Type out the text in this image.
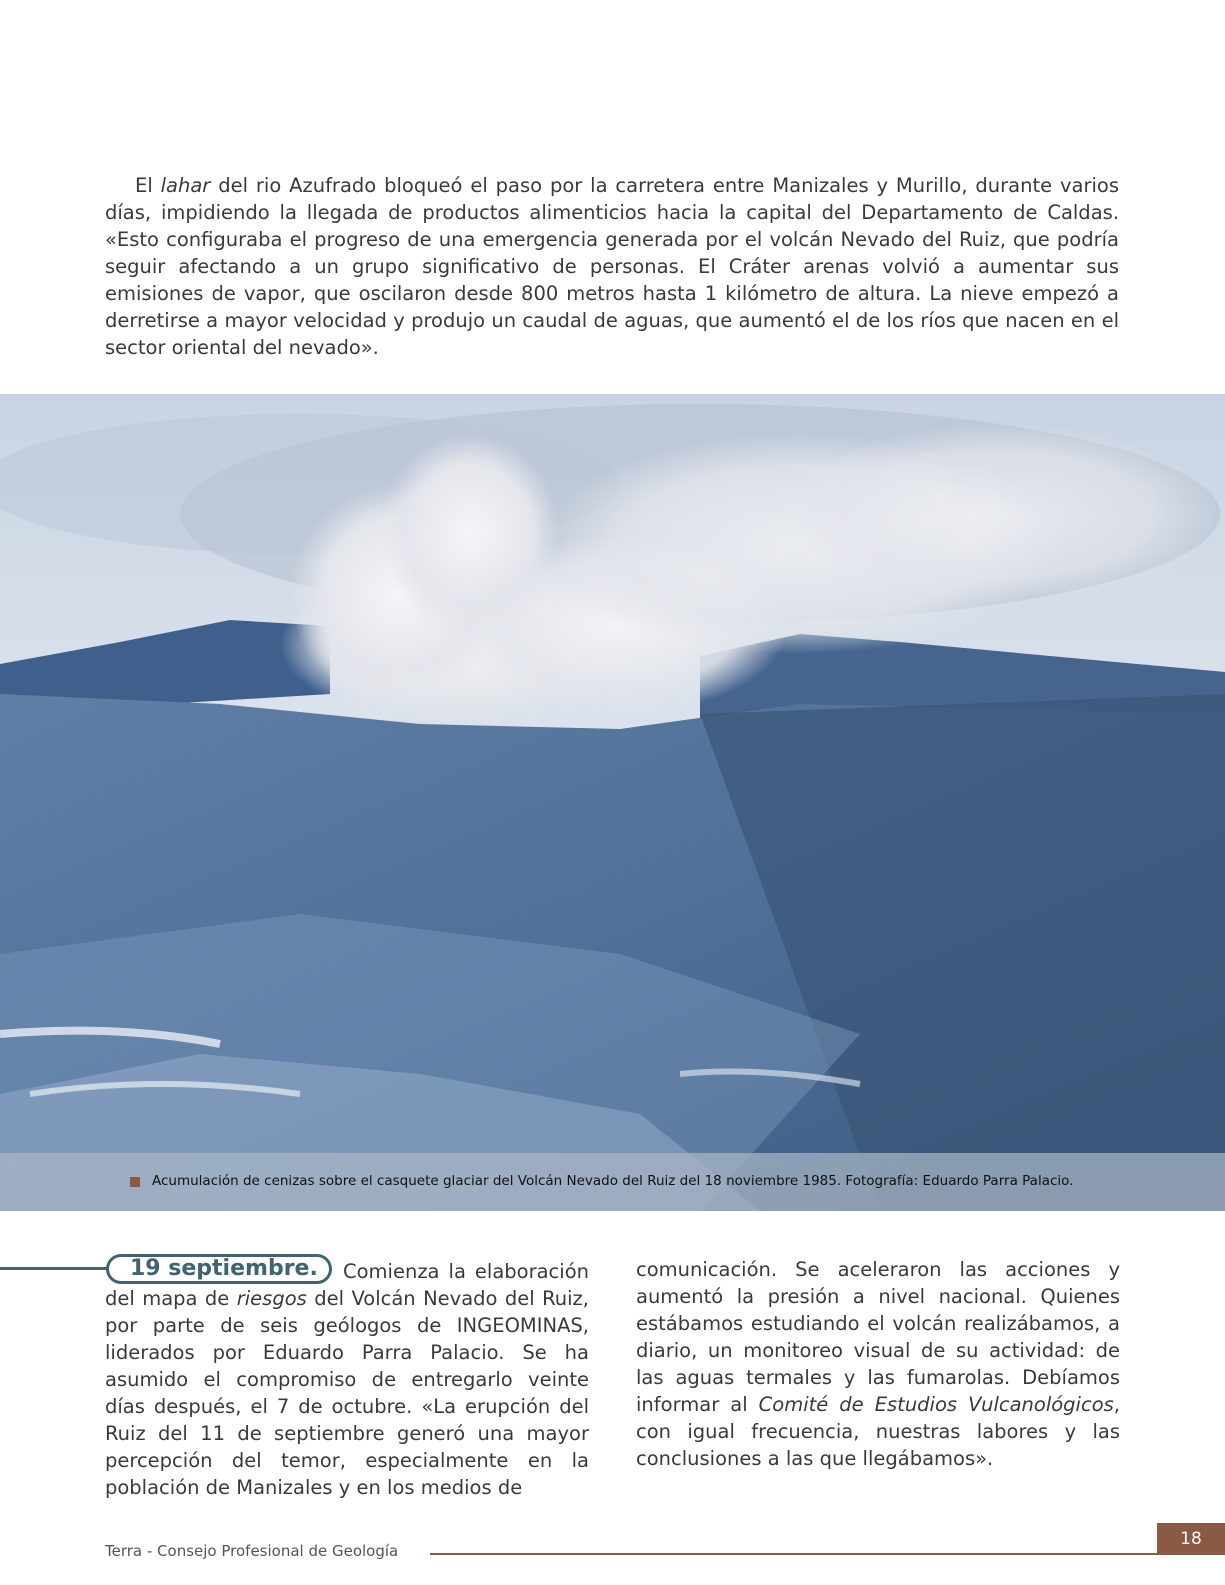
El lahar del rio Azufrado bloqueó el paso por la carretera entre Manizales y Murillo, durante varios días, impidiendo la llegada de productos alimenticios hacia la capital del Departamento de Caldas. «Esto configuraba el progreso de una emergencia generada por el volcán Nevado del Ruiz, que podría seguir afectando a un grupo significativo de personas. El Cráter arenas volvió a aumentar sus emisiones de vapor, que oscilaron desde 800 metros hasta 1 kilómetro de altura. La nieve empezó a derretirse a mayor velocidad y produjo un caudal de aguas, que aumentó el de los ríos que nacen en el sector oriental del nevado».

Acumulación de cenizas sobre el casquete glaciar del Volcán Nevado del Ruiz del 18 noviembre 1985. Fotografía: Eduardo Parra Palacio.
19 septiembre.	Comienza la elaboración del mapa de riesgos del Volcán Nevado del Ruiz, por parte de seis geólogos de INGEOMINAS, liderados por Eduardo Parra Palacio. Se ha asumido el compromiso de entregarlo veinte días después, el 7 de octubre. «La erupción del Ruiz del 11 de septiembre generó una mayor percepción del temor, especialmente en la población de Manizales y en los medios de

comunicación. Se aceleraron las acciones y aumentó la presión a nivel nacional. Quienes estábamos estudiando el volcán realizábamos, a diario, un monitoreo visual de su actividad: de las aguas termales y las fumarolas. Debíamos informar al Comité de Estudios Vulcanológicos, con igual frecuencia, nuestras labores y las conclusiones a las que llegábamos».

Terra - Consejo Profesional de Geología
18
